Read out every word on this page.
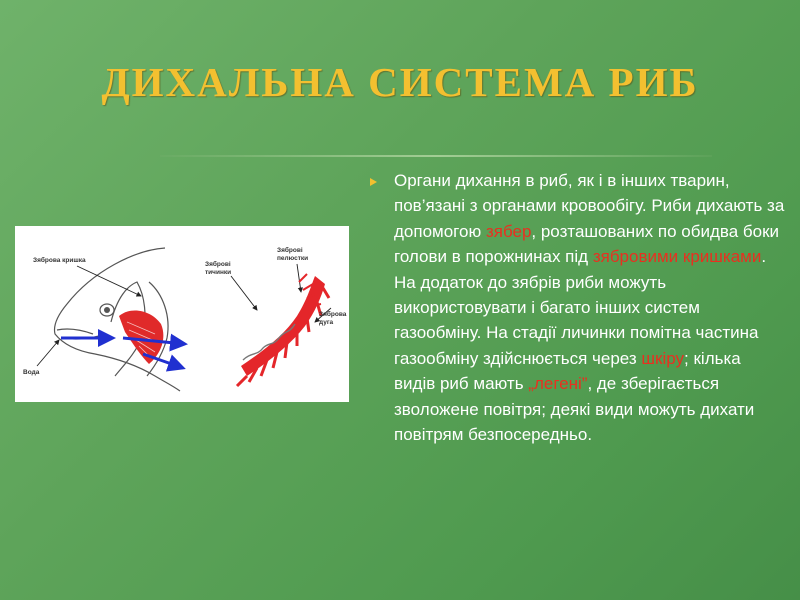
ДИХАЛЬНА СИСТЕМА РИБ
Зяброва кришка
Вода
Зяброві
тичинки
Зяброві
пелюстки
Зяброва
дуга
Органи дихання в риб, як і в інших тварин, пов’язані з органами кровообігу. Риби дихають за допомогою зябер, розташованих по обидва боки голови в порожнинах під зябровими кришками. На додаток до зябрів риби можуть використовувати і багато інших систем газообміну. На стадії личинки помітна частина газообміну здійснюється через шкіру; кілька видів риб мають „легені”, де зберігається зволожене повітря; деякі види можуть дихати повітрям безпосередньо.
